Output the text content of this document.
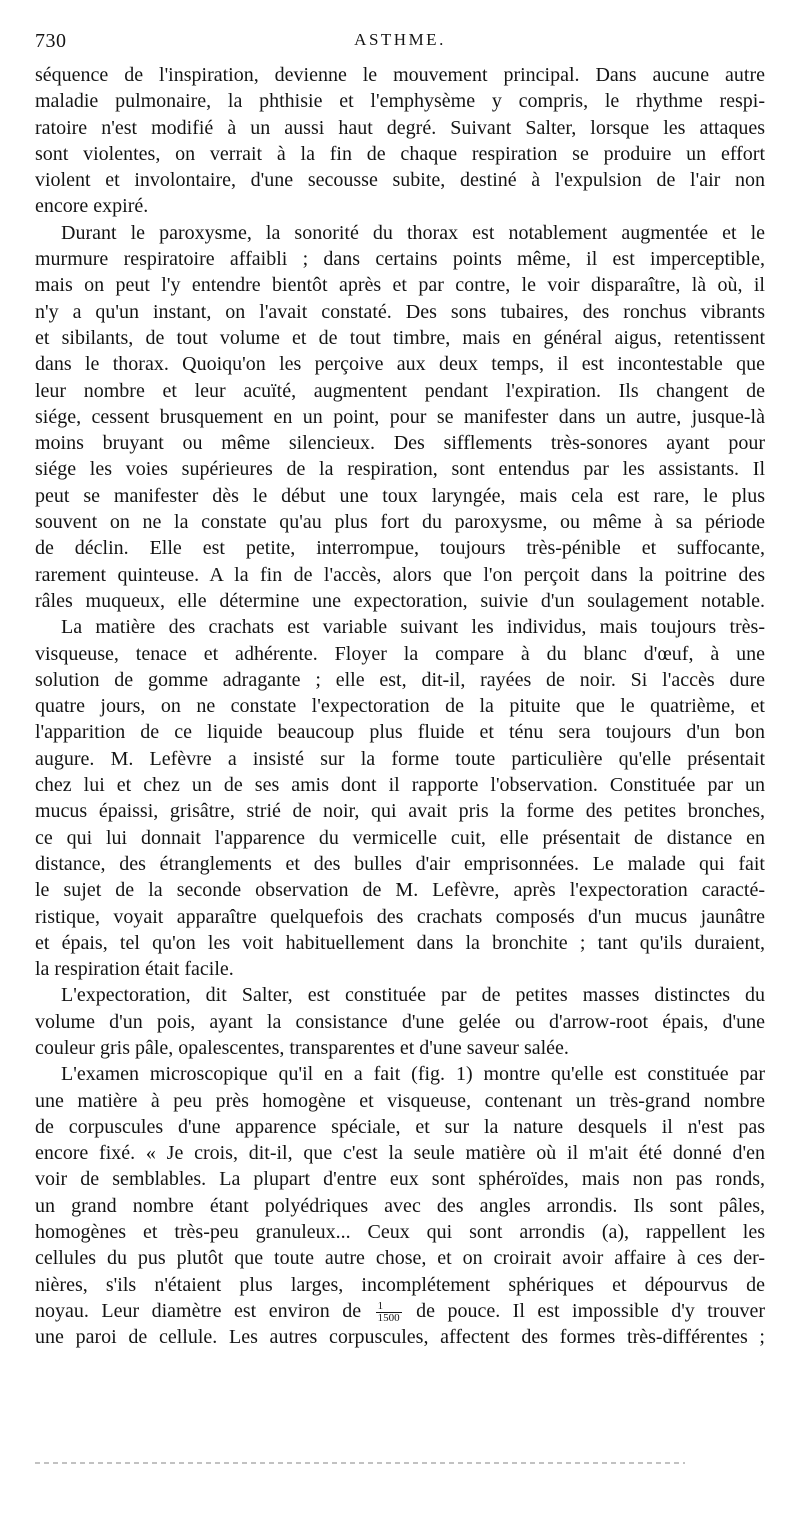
730	ASTHME.
séquence de l'inspiration, devienne le mouvement principal. Dans aucune autre
maladie pulmonaire, la phthisie et l'emphysème y compris, le rhythme respi-
ratoire n'est modifié à un aussi haut degré. Suivant Salter, lorsque les attaques
sont violentes, on verrait à la fin de chaque respiration se produire un effort
violent et involontaire, d'une secousse subite, destiné à l'expulsion de l'air non
encore expiré.
Durant le paroxysme, la sonorité du thorax est notablement augmentée et le
murmure respiratoire affaibli ; dans certains points même, il est imperceptible,
mais on peut l'y entendre bientôt après et par contre, le voir disparaître, là où, il
n'y a qu'un instant, on l'avait constaté. Des sons tubaires, des ronchus vibrants
et sibilants, de tout volume et de tout timbre, mais en général aigus, retentissent
dans le thorax. Quoiqu'on les perçoive aux deux temps, il est incontestable que
leur nombre et leur acuïté, augmentent pendant l'expiration. Ils changent de
siége, cessent brusquement en un point, pour se manifester dans un autre, jusque-là
moins bruyant ou même silencieux. Des sifflements très-sonores ayant pour
siége les voies supérieures de la respiration, sont entendus par les assistants. Il
peut se manifester dès le début une toux laryngée, mais cela est rare, le plus
souvent on ne la constate qu'au plus fort du paroxysme, ou même à sa période
de déclin. Elle est petite, interrompue, toujours très-pénible et suffocante,
rarement quinteuse. A la fin de l'accès, alors que l'on perçoit dans la poitrine des
râles muqueux, elle détermine une expectoration, suivie d'un soulagement notable.
La matière des crachats est variable suivant les individus, mais toujours très-
visqueuse, tenace et adhérente. Floyer la compare à du blanc d'œuf, à une
solution de gomme adragante ; elle est, dit-il, rayées de noir. Si l'accès dure
quatre jours, on ne constate l'expectoration de la pituite que le quatrième, et
l'apparition de ce liquide beaucoup plus fluide et ténu sera toujours d'un bon
augure. M. Lefèvre a insisté sur la forme toute particulière qu'elle présentait
chez lui et chez un de ses amis dont il rapporte l'observation. Constituée par un
mucus épaissi, grisâtre, strié de noir, qui avait pris la forme des petites bronches,
ce qui lui donnait l'apparence du vermicelle cuit, elle présentait de distance en
distance, des étranglements et des bulles d'air emprisonnées. Le malade qui fait
le sujet de la seconde observation de M. Lefèvre, après l'expectoration caracté-
ristique, voyait apparaître quelquefois des crachats composés d'un mucus jaunâtre
et épais, tel qu'on les voit habituellement dans la bronchite ; tant qu'ils duraient,
la respiration était facile.
L'expectoration, dit Salter, est constituée par de petites masses distinctes du
volume d'un pois, ayant la consistance d'une gelée ou d'arrow-root épais, d'une
couleur gris pâle, opalescentes, transparentes et d'une saveur salée.
L'examen microscopique qu'il en a fait (fig. 1) montre qu'elle est constituée par
une matière à peu près homogène et visqueuse, contenant un très-grand nombre
de corpuscules d'une apparence spéciale, et sur la nature desquels il n'est pas
encore fixé. « Je crois, dit-il, que c'est la seule matière où il m'ait été donné d'en
voir de semblables. La plupart d'entre eux sont sphéroïdes, mais non pas ronds,
un grand nombre étant polyédriques avec des angles arrondis. Ils sont pâles,
homogènes et très-peu granuleux... Ceux qui sont arrondis (a), rappellent les
cellules du pus plutôt que toute autre chose, et on croirait avoir affaire à ces der-
nières, s'ils n'étaient plus larges, incomplétement sphériques et dépourvus de
noyau. Leur diamètre est environ de $\frac{1}{1500}$ de pouce. Il est impossible d'y trouver
une paroi de cellule. Les autres corpuscules, affectent des formes très-différentes ;
